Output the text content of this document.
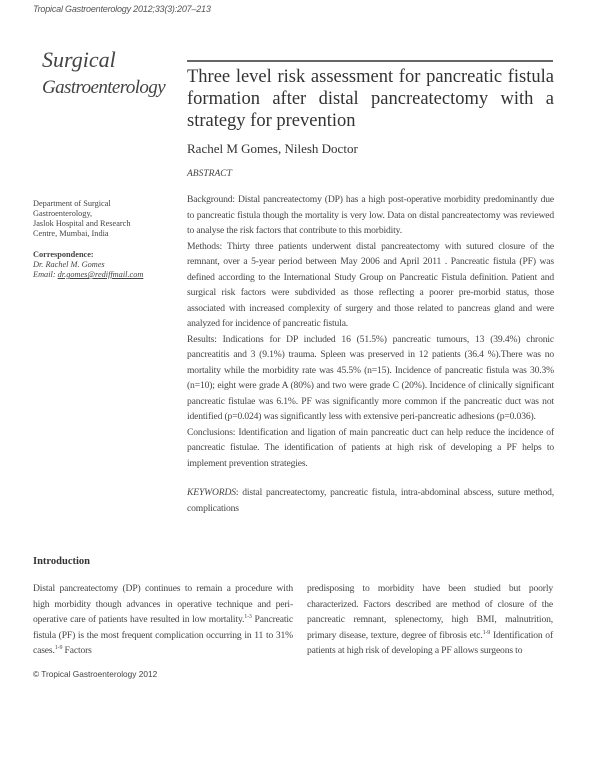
Tropical Gastroenterology 2012;33(3):207–213
Surgical
Gastroenterology	Three level risk assessment for pancreatic fistula formation after distal pancreatectomy with a strategy for prevention
Rachel M Gomes, Nilesh Doctor
ABSTRACT
Department of Surgical
Gastroenterology,
Jaslok Hospital and Research
Centre, Mumbai, India
Correspondence:
Dr. Rachel M. Gomes
Email: dr.gomes@rediffmail.com

Background: Distal pancreatectomy (DP) has a high post-operative morbidity predominantly due to pancreatic fistula though the mortality is very low. Data on distal pancreatectomy was reviewed to analyse the risk factors that contribute to this morbidity.

Methods: Thirty three patients underwent distal pancreatectomy with sutured closure of the remnant, over a 5-year period between May 2006 and April 2011 . Pancreatic fistula (PF) was defined according to the International Study Group on Pancreatic Fistula definition. Patient and surgical risk factors were subdivided as those reflecting a poorer pre-morbid status, those associated with increased complexity of surgery and those related to pancreas gland and were analyzed for incidence of pancreatic fistula.

Results: Indications for DP included 16 (51.5%) pancreatic tumours, 13 (39.4%) chronic pancreatitis and 3 (9.1%) trauma. Spleen was preserved in 12 patients (36.4 %).There was no mortality while the morbidity rate was 45.5% (n=15). Incidence of pancreatic fistula was 30.3% (n=10); eight were grade A (80%) and two were grade C (20%). Incidence of clinically significant pancreatic fistulae was 6.1%. PF was significantly more common if the pancreatic duct was not identified (p=0.024) was significantly less with extensive peri-pancreatic adhesions (p=0.036).

Conclusions: Identification and ligation of main pancreatic duct can help reduce the incidence of pancreatic fistulae. The identification of patients at high risk of developing a PF helps to implement prevention strategies.

KEYWORDS: distal pancreatectomy, pancreatic fistula, intra-abdominal abscess, suture method, complications
Introduction
Distal pancreatectomy (DP) continues to remain a procedure with high morbidity though advances in operative technique and peri-operative care of patients have resulted in low mortality.$^{1-3}$ Pancreatic fistula (PF) is the most frequent complication occurring in 11 to 31% cases.$^{1-9}$ Factors
predisposing to morbidity have been studied but poorly characterized. Factors described are method of closure of the pancreatic remnant, splenectomy, high BMI, malnutrition, primary disease, texture, degree of fibrosis etc.$^{1-9}$ Identification of patients at high risk of developing a PF allows surgeons to
© Tropical Gastroenterology 2012
